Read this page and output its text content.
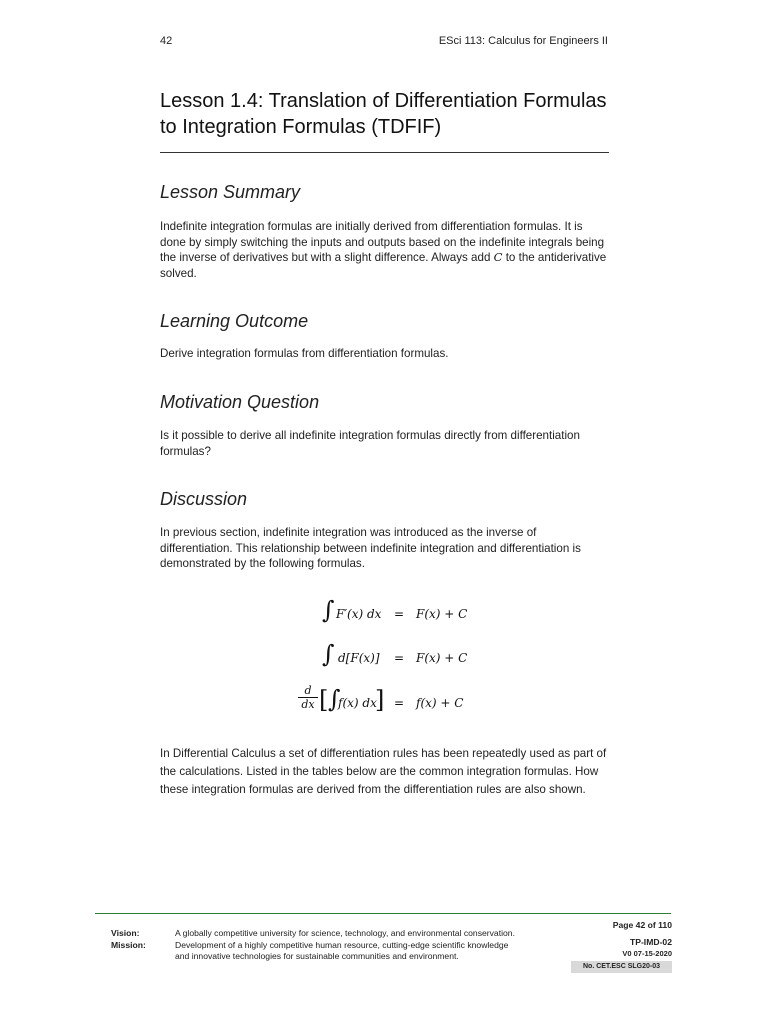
42	ESci 113: Calculus for Engineers II
Lesson 1.4: Translation of Differentiation Formulas to Integration Formulas (TDFIF)
Lesson Summary

Indefinite integration formulas are initially derived from differentiation formulas. It is done by simply switching the inputs and outputs based on the indefinite integrals being the inverse of derivatives but with a slight difference. Always add C to the antiderivative solved.

Learning Outcome

Derive integration formulas from differentiation formulas.

Motivation Question

Is it possible to derive all indefinite integration formulas directly from differentiation formulas?

Discussion

In previous section, indefinite integration was introduced as the inverse of differentiation. This relationship between indefinite integration and differentiation is demonstrated by the following formulas.

∫ F′(x) dx = F(x) + C
∫ d[F(x)] = F(x) + C
$\frac{d}{dx}$ [ ∫
f(x) dx
] = f(x) + C

In Differential Calculus a set of differentiation rules has been repeatedly used as part of the calculations. Listed in the tables below are the common integration formulas. How these integration formulas are derived from the differentiation rules are also shown.

Vision:	A globally competitive university for science, technology, and environmental conservation.
Mission:	Development of a highly competitive human resource, cutting-edge scientific knowledge
and innovative technologies for sustainable communities and environment.
Page 42 of 110
TP-IMD-02
V0 07-15-2020
No. CET.ESC SLG20-03
